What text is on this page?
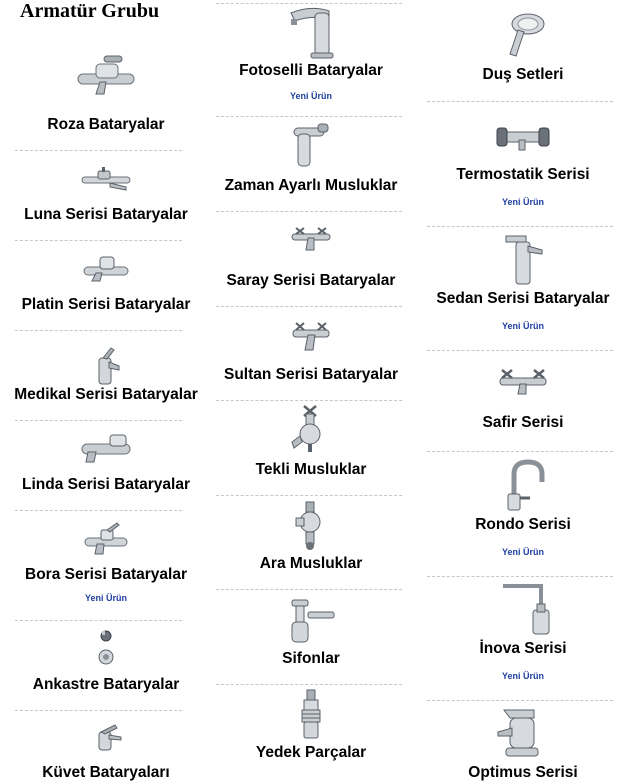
Armatür Grubu
Roza Bataryalar
Luna Serisi Bataryalar
Platin Serisi Bataryalar
Medikal Serisi Bataryalar
Linda Serisi Bataryalar
Bora Serisi Bataryalar
Yeni Ürün
Ankastre Bataryalar
Küvet Bataryaları
Fotoselli Bataryalar
Yeni Ürün
Zaman Ayarlı Musluklar
Saray Serisi Bataryalar
Sultan Serisi Bataryalar
Tekli Musluklar
Ara Musluklar
Sifonlar
Yedek Parçalar
Duş Setleri
Termostatik Serisi
Yeni Ürün
Sedan Serisi Bataryalar
Yeni Ürün
Safir Serisi
Rondo Serisi
Yeni Ürün
İnova Serisi
Yeni Ürün
Optimus Serisi
